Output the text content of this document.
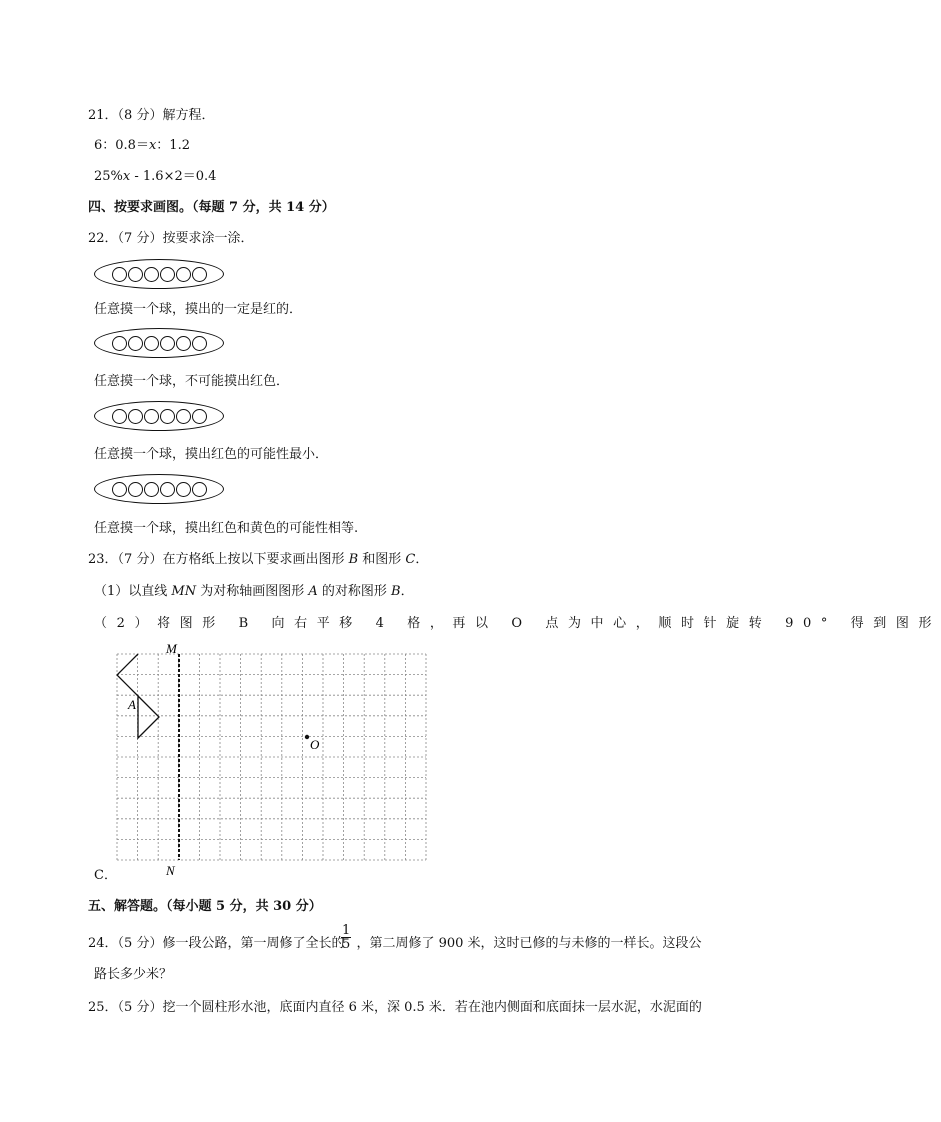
21．（8 分）解方程．
6：0.8＝x：1.2
25%x - 1.6×2＝0.4
四、按要求画图。（每题 7 分，共 14 分）
22．（7 分）按要求涂一涂．
任意摸一个球，摸出的一定是红的．
任意摸一个球，不可能摸出红色．
任意摸一个球，摸出红色的可能性最小．
任意摸一个球，摸出红色和黄色的可能性相等.
23．（7 分）在方格纸上按以下要求画出图形 B 和图形 C．
（1）以直线 MN 为对称轴画图图形 A 的对称图形 B．
（2）将图形 B 向右平移 4 格，再以 O 点为中心，顺时针旋转 90° 得到图形
M
A
O
N
C．
五、解答题。（每小题 5 分，共 30 分）
24．（5 分）修一段公路，第一周修了全长的 ，第二周修了 900 米，这时已修的与未修的一样长。这段公
$\frac{1}{5}$
路长多少米？
25．（5 分）挖一个圆柱形水池，底面内直径 6 米，深 0.5 米．若在池内侧面和底面抹一层水泥，水泥面的
